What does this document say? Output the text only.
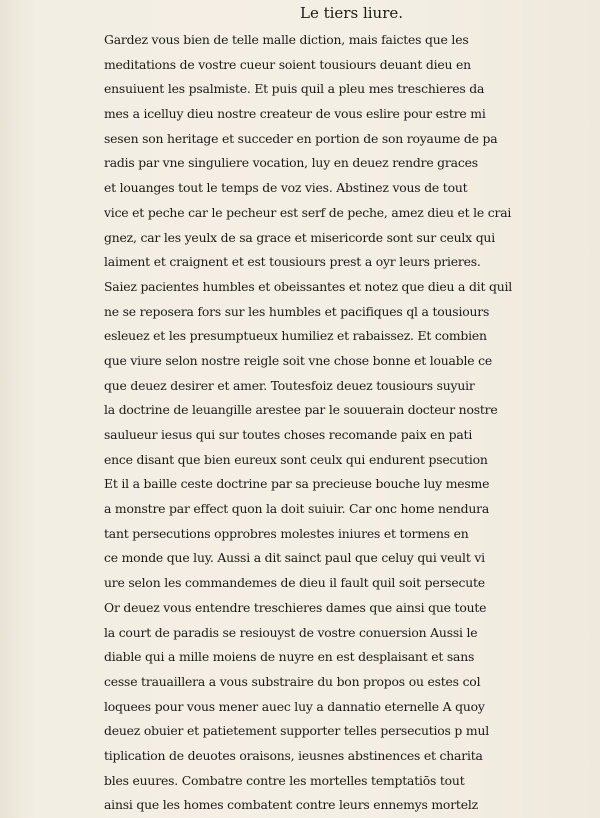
Le tiers liure.
Gardez vous bien de telle malle diction, mais faictes que les
meditations de vostre cueur soient tousiours deuant dieu en
ensuiuent les psalmiste. Et puis quil a pleu mes treschieres da
mes a icelluy dieu nostre createur de vous eslire pour estre mi
sesen son heritage et succeder en portion de son royaume de pa
radis par vne singuliere vocation, luy en deuez rendre graces
et louanges tout le temps de voz vies. Abstinez vous de tout
vice et peche car le pecheur est serf de peche, amez dieu et le crai
gnez, car les yeulx de sa grace et misericorde sont sur ceulx qui
laiment et craignent et est tousiours prest a oyr leurs prieres.
Saiez pacientes humbles et obeissantes et notez que dieu a dit quil
ne se reposera fors sur les humbles et pacifiques ql a tousiours
esleuez et les presumptueux humiliez et rabaissez. Et combien
que viure selon nostre reigle soit vne chose bonne et louable ce
que deuez desirer et amer. Toutesfoiz deuez tousiours suyuir
la doctrine de leuangille arestee par le souuerain docteur nostre
saulueur iesus qui sur toutes choses recomande paix en pati
ence disant que bien eureux sont ceulx qui endurent psecution
Et il a baille ceste doctrine par sa precieuse bouche luy mesme
a monstre par effect quon la doit suiuir. Car onc home nendura
tant persecutions opprobres molestes iniures et tormens en
ce monde que luy. Aussi a dit sainct paul que celuy qui veult vi
ure selon les commandemes de dieu il fault quil soit persecute
Or deuez vous entendre treschieres dames que ainsi que toute
la court de paradis se resiouyst de vostre conuersion Aussi le
diable qui a mille moiens de nuyre en est desplaisant et sans
cesse trauaillera a vous substraire du bon propos ou estes col
loquees pour vous mener auec luy a dannatio eternelle A quoy
deuez obuier et patietement supporter telles persecutios p mul
tiplication de deuotes oraisons, ieusnes abstinences et charita
bles euures. Combatre contre les mortelles temptatiōs tout
ainsi que les homes combatent contre leurs ennemys mortelz
